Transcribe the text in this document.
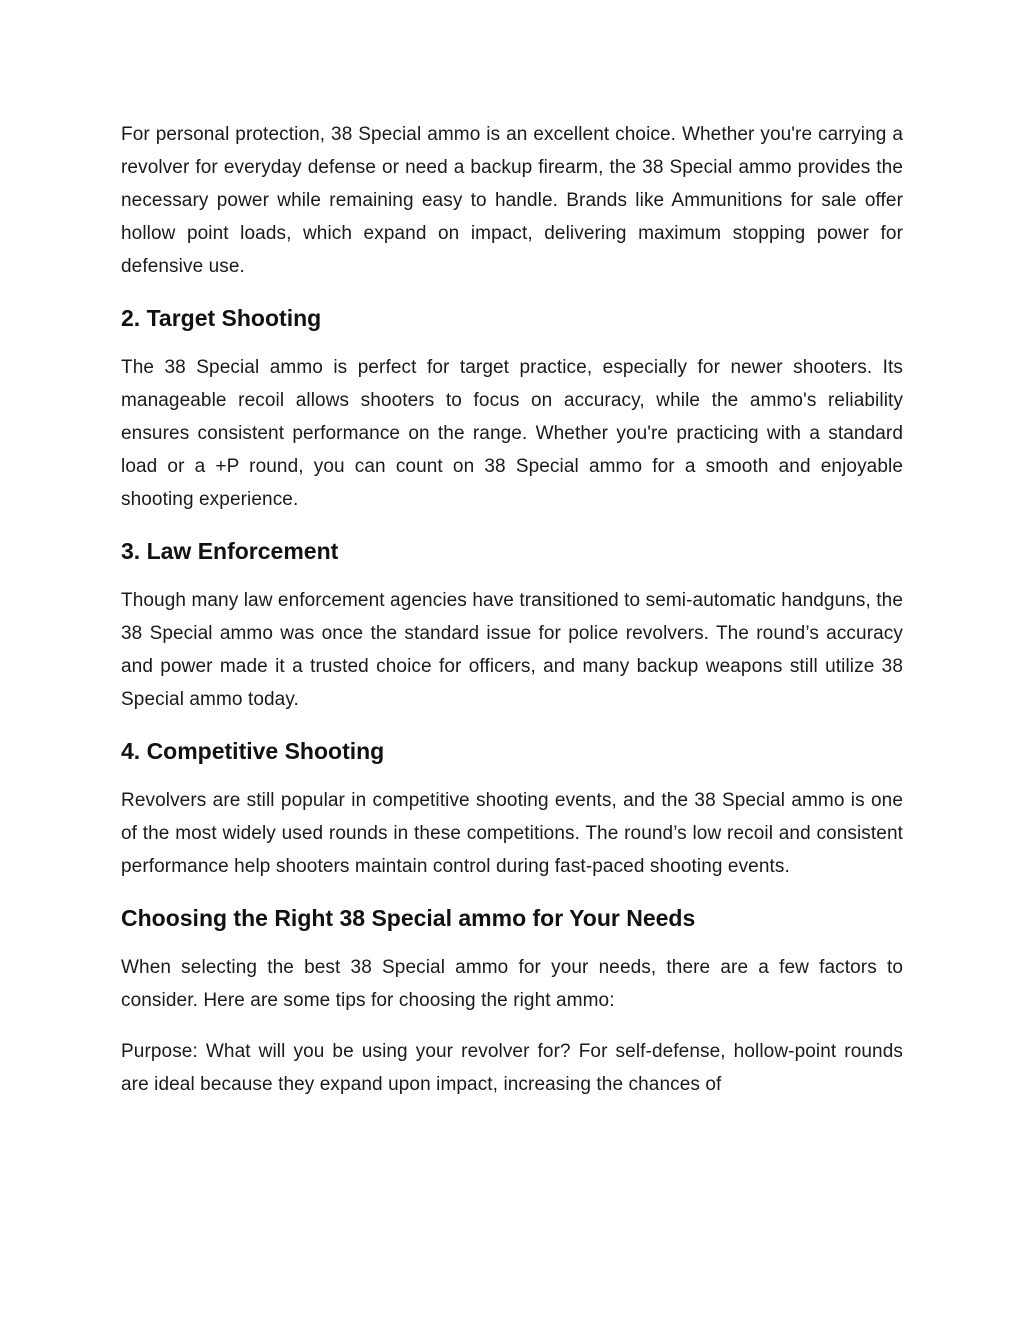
For personal protection, 38 Special ammo is an excellent choice. Whether you're carrying a revolver for everyday defense or need a backup firearm, the 38 Special ammo provides the necessary power while remaining easy to handle. Brands like Ammunitions for sale offer hollow point loads, which expand on impact, delivering maximum stopping power for defensive use.

2. Target Shooting

The 38 Special ammo is perfect for target practice, especially for newer shooters. Its manageable recoil allows shooters to focus on accuracy, while the ammo's reliability ensures consistent performance on the range. Whether you're practicing with a standard load or a +P round, you can count on 38 Special ammo for a smooth and enjoyable shooting experience.

3. Law Enforcement

Though many law enforcement agencies have transitioned to semi-automatic handguns, the 38 Special ammo was once the standard issue for police revolvers. The round’s accuracy and power made it a trusted choice for officers, and many backup weapons still utilize 38 Special ammo today.

4. Competitive Shooting

Revolvers are still popular in competitive shooting events, and the 38 Special ammo is one of the most widely used rounds in these competitions. The round’s low recoil and consistent performance help shooters maintain control during fast-paced shooting events.

Choosing the Right 38 Special ammo for Your Needs

When selecting the best 38 Special ammo for your needs, there are a few factors to consider. Here are some tips for choosing the right ammo:

Purpose: What will you be using your revolver for? For self-defense, hollow-point rounds are ideal because they expand upon impact, increasing the chances of
